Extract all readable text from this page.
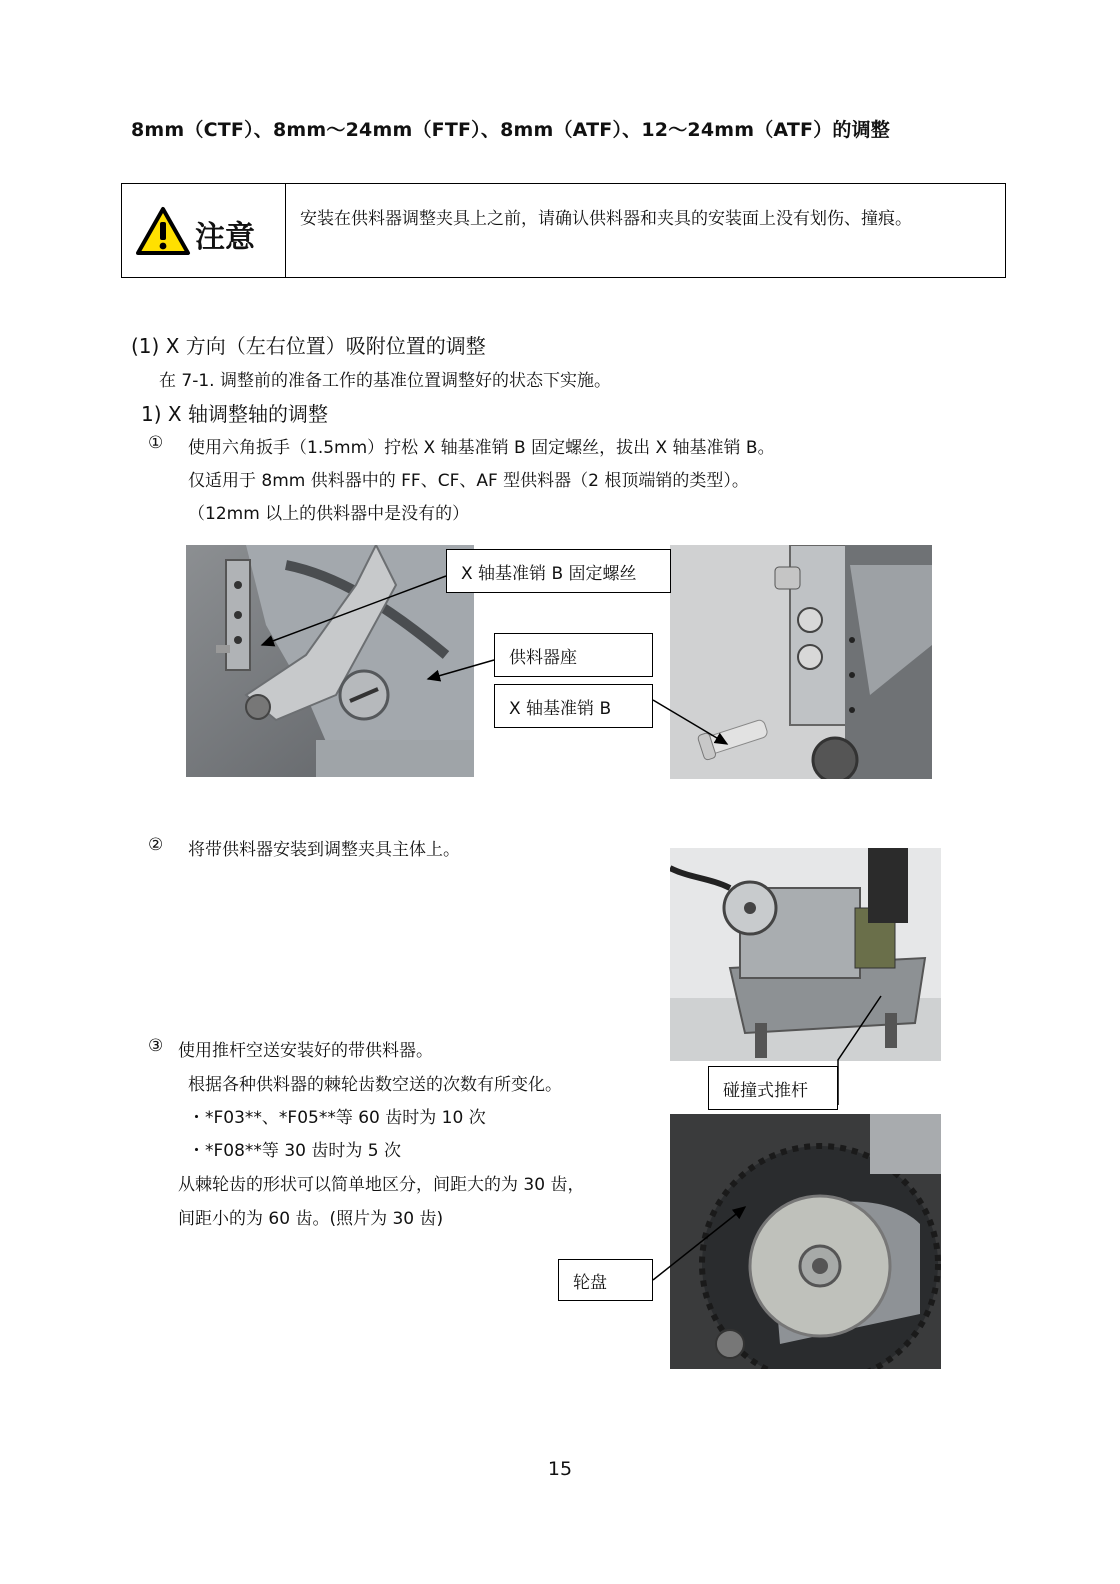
8mm（CTF）、8mm～24mm（FTF）、8mm（ATF）、12～24mm（ATF）的调整
注意
安装在供料器调整夹具上之前，请确认供料器和夹具的安装面上没有划伤、撞痕。
(1) X 方向（左右位置）吸附位置的调整
在 7-1. 调整前的准备工作的基准位置调整好的状态下实施。
1) X 轴调整轴的调整
① 使用六角扳手（1.5mm）拧松 X 轴基准销 B 固定螺丝，拔出 X 轴基准销 B。
仅适用于 8mm 供料器中的 FF、CF、AF 型供料器（2 根顶端销的类型）。
（12mm 以上的供料器中是没有的）
X 轴基准销 B 固定螺丝
供料器座
X 轴基准销 B
② 将带供料器安装到调整夹具主体上。
碰撞式推杆
③ 使用推杆空送安装好的带供料器。
根据各种供料器的棘轮齿数空送的次数有所变化。
・*F03**、*F05**等 60 齿时为 10 次
・*F08**等 30 齿时为 5 次
从棘轮齿的形状可以简单地区分，间距大的为 30 齿，
间距小的为 60 齿。(照片为 30 齿)
轮盘
15
